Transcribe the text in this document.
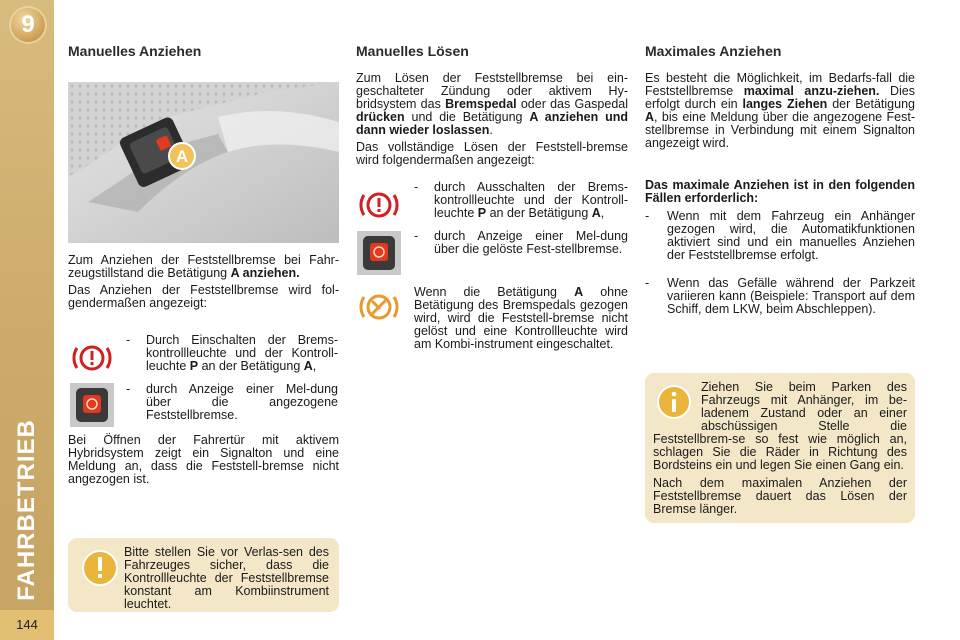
9
FAHRBETRIEB
144
Manuelles Anziehen
A

Zum Anziehen der Feststellbremse bei Fahr-zeugstillstand die Betätigung A anziehen.

Das Anziehen der Feststellbremse wird fol-gendermaßen angezeigt:

- Durch Einschalten der Brems-kontrollleuchte und der Kontroll-leuchte P an der Betätigung A,
- durch Anzeige einer Mel-dung über die angezogene Feststellbremse.
Bei Öffnen der Fahrertür mit aktivem Hybridsystem zeigt ein Signalton und eine Meldung an, dass die Feststell-bremse nicht angezogen ist.
Bitte stellen Sie vor Verlas-sen des Fahrzeuges sicher, dass die Kontrollleuchte der Feststellbremse konstant am Kombiinstrument leuchtet.
Manuelles Lösen

Zum Lösen der Feststellbremse bei ein-geschalteter Zündung oder aktivem Hy-bridsystem das Bremspedal oder das Gaspedal drücken und die Betätigung A anziehen und dann wieder loslassen.

Das vollständige Lösen der Feststell-bremse wird folgendermaßen angezeigt:

- durch Ausschalten der Brems-kontrollleuchte und der Kontroll-leuchte P an der Betätigung A,
- durch Anzeige einer Mel-dung über die gelöste Fest-stellbremse.
Wenn die Betätigung A ohne Betätigung des Bremspedals gezogen wird, wird die Feststell-bremse nicht gelöst und eine Kontrollleuchte wird am Kombi-instrument eingeschaltet.
Maximales Anziehen
Es besteht die Möglichkeit, im Bedarfs-fall die Feststellbremse maximal anzu-ziehen. Dies erfolgt durch ein langes Ziehen der Betätigung A, bis eine Meldung über die angezogene Fest-stellbremse in Verbindung mit einem Signalton angezeigt wird.
Das maximale Anziehen ist in den folgenden Fällen erforderlich:
- Wenn mit dem Fahrzeug ein Anhänger gezogen wird, die Automatikfunktionen aktiviert sind und ein manuelles Anziehen der Feststellbremse erfolgt.
- Wenn das Gefälle während der Parkzeit variieren kann (Beispiele: Transport auf dem Schiff, dem LKW, beim Abschleppen).

Ziehen Sie beim Parken des Fahrzeugs mit Anhänger, im be-ladenem Zustand oder an einer abschüssigen Stelle die Feststellbrem-se so fest wie möglich an, schlagen Sie die Räder in Richtung des Bordsteins ein und legen Sie einen Gang ein.

Nach dem maximalen Anziehen der Feststellbremse dauert das Lösen der Bremse länger.
